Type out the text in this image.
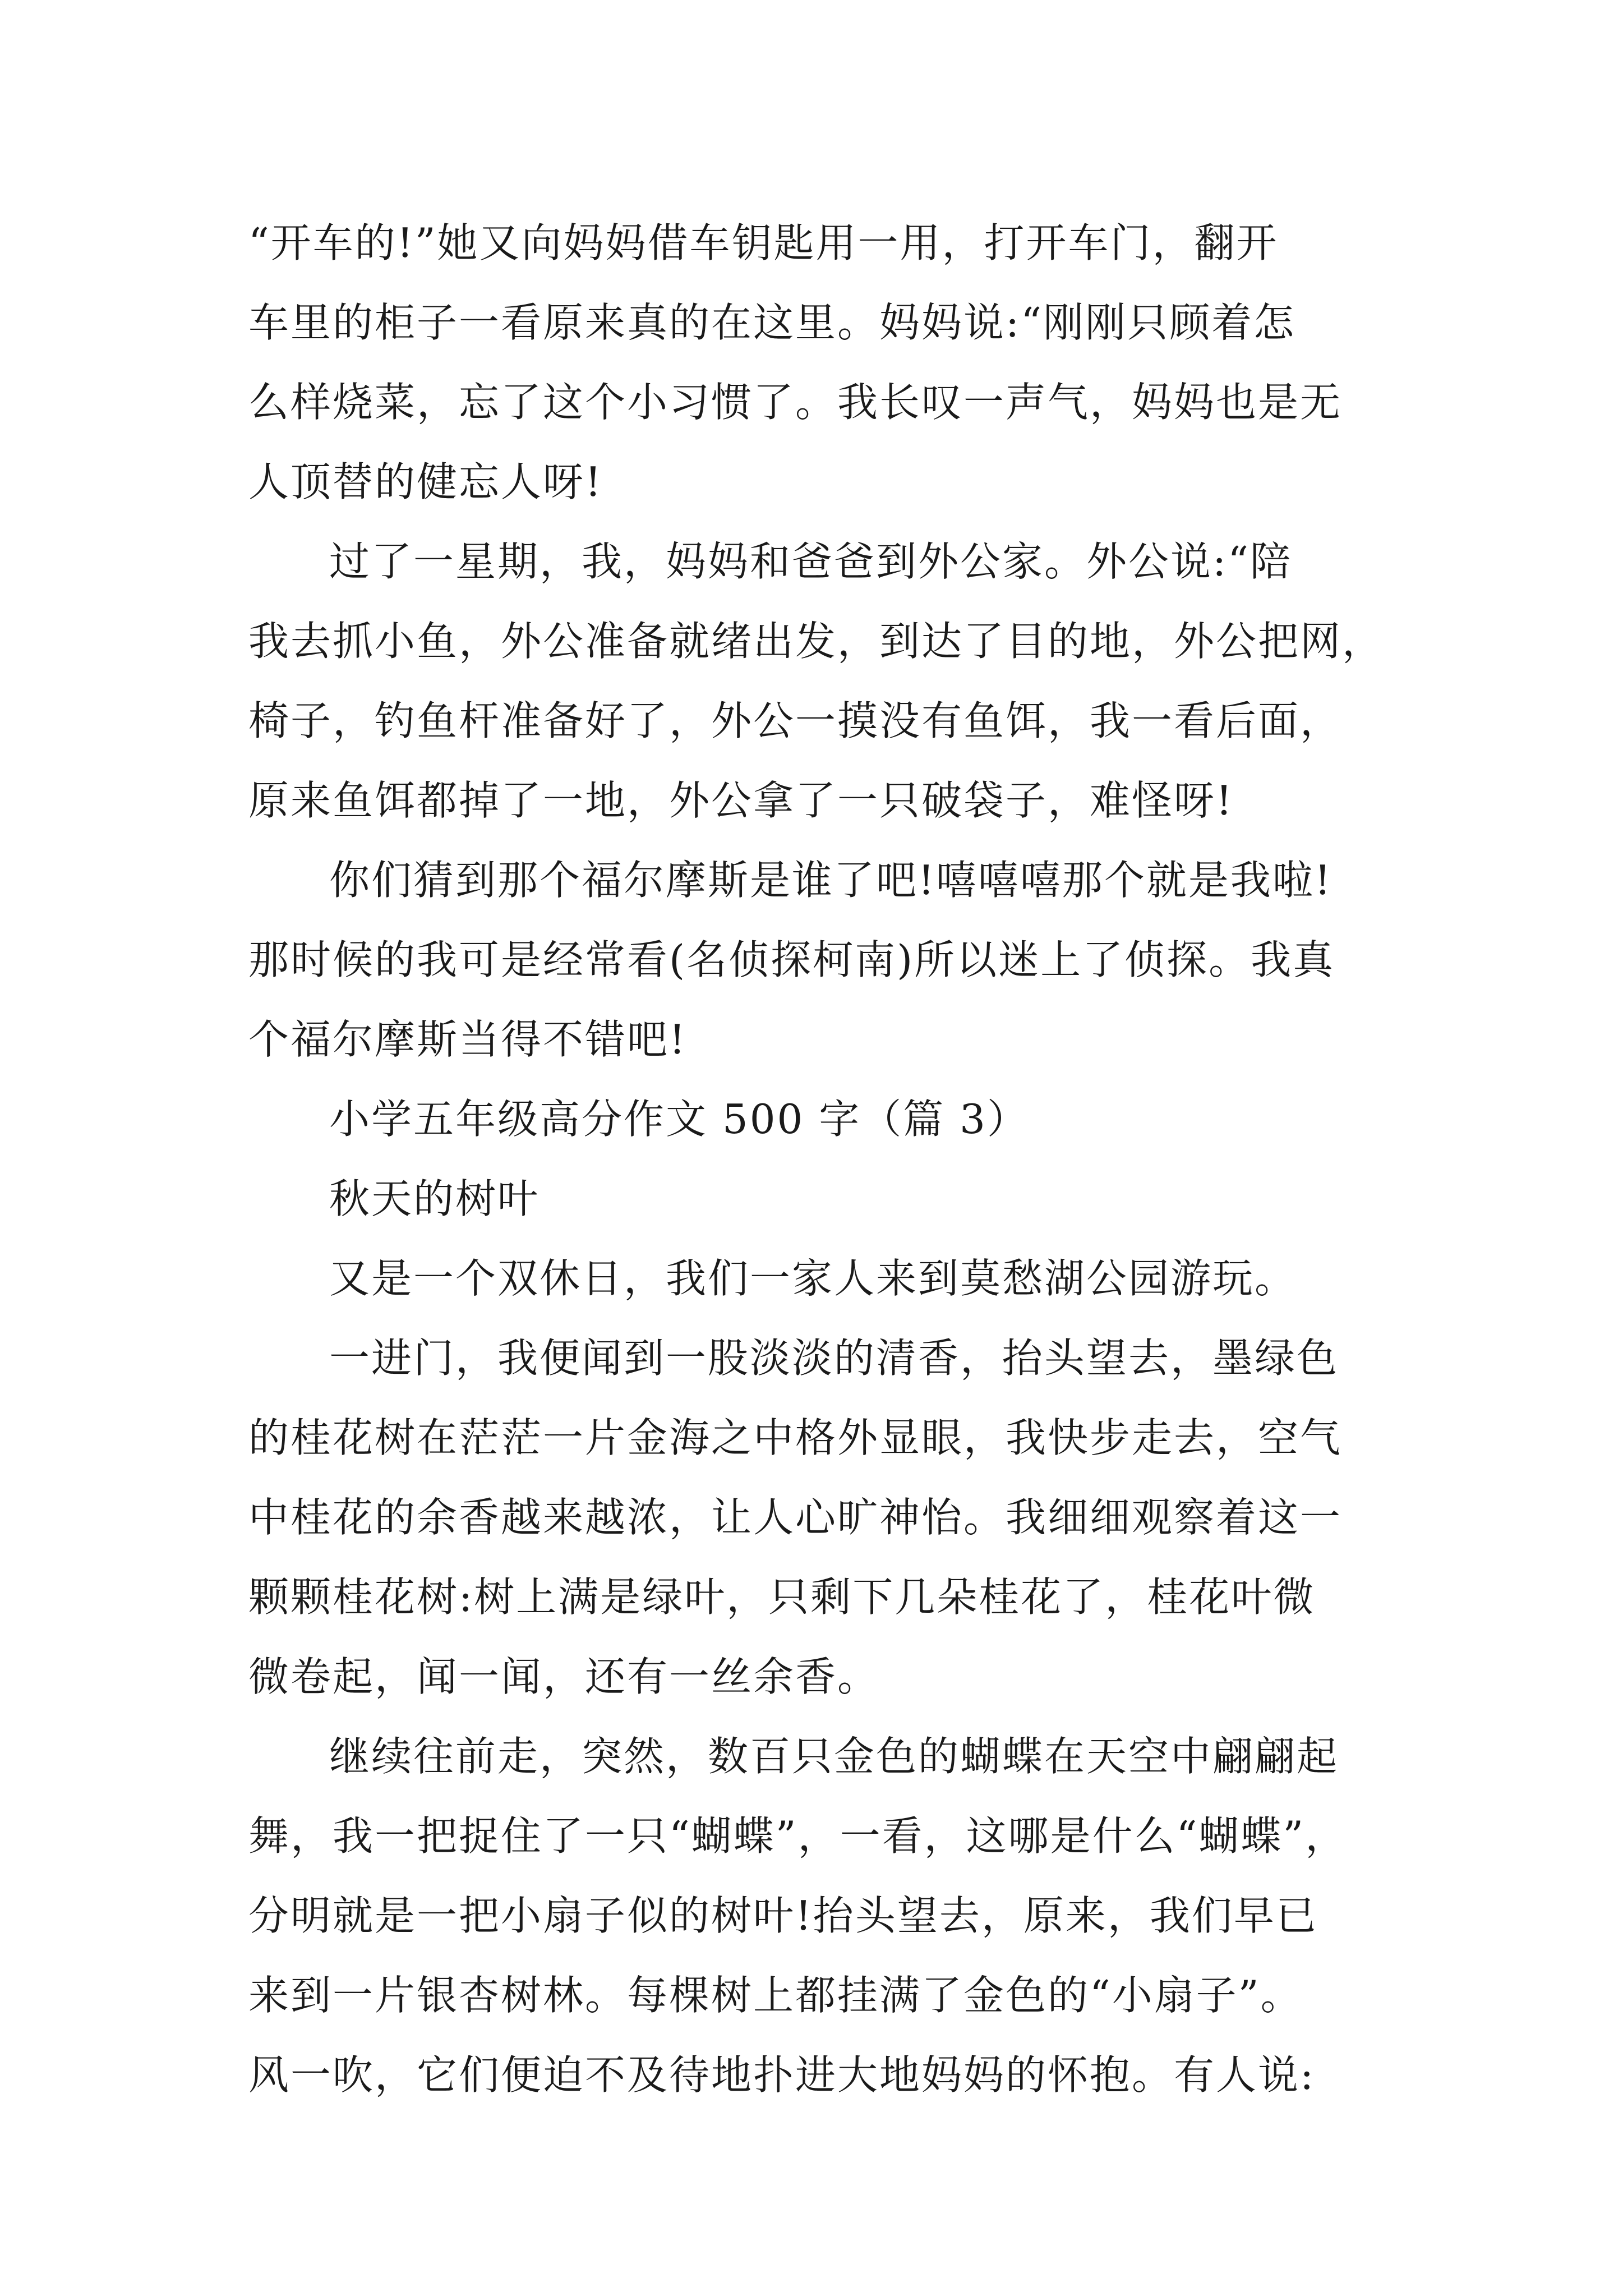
“开车的!”她又向妈妈借车钥匙用一用，打开车门，翻开
车里的柜子一看原来真的在这里。妈妈说:“刚刚只顾着怎
么样烧菜，忘了这个小习惯了。我长叹一声气，妈妈也是无
人顶替的健忘人呀!
过了一星期，我，妈妈和爸爸到外公家。外公说:“陪
我去抓小鱼，外公准备就绪出发，到达了目的地，外公把网，
椅子，钓鱼杆准备好了，外公一摸没有鱼饵，我一看后面，
原来鱼饵都掉了一地，外公拿了一只破袋子，难怪呀!
你们猜到那个福尔摩斯是谁了吧!嘻嘻嘻那个就是我啦!
那时候的我可是经常看(名侦探柯南)所以迷上了侦探。我真
个福尔摩斯当得不错吧!
小学五年级高分作文 500 字（篇 3）
秋天的树叶
又是一个双休日，我们一家人来到莫愁湖公园游玩。
一进门，我便闻到一股淡淡的清香，抬头望去，墨绿色
的桂花树在茫茫一片金海之中格外显眼，我快步走去，空气
中桂花的余香越来越浓，让人心旷神怡。我细细观察着这一
颗颗桂花树:树上满是绿叶，只剩下几朵桂花了，桂花叶微
微卷起，闻一闻，还有一丝余香。
继续往前走，突然，数百只金色的蝴蝶在天空中翩翩起
舞，我一把捉住了一只“蝴蝶”，一看，这哪是什么“蝴蝶”，
分明就是一把小扇子似的树叶!抬头望去，原来，我们早已
来到一片银杏树林。每棵树上都挂满了金色的“小扇子”。
风一吹，它们便迫不及待地扑进大地妈妈的怀抱。有人说:
